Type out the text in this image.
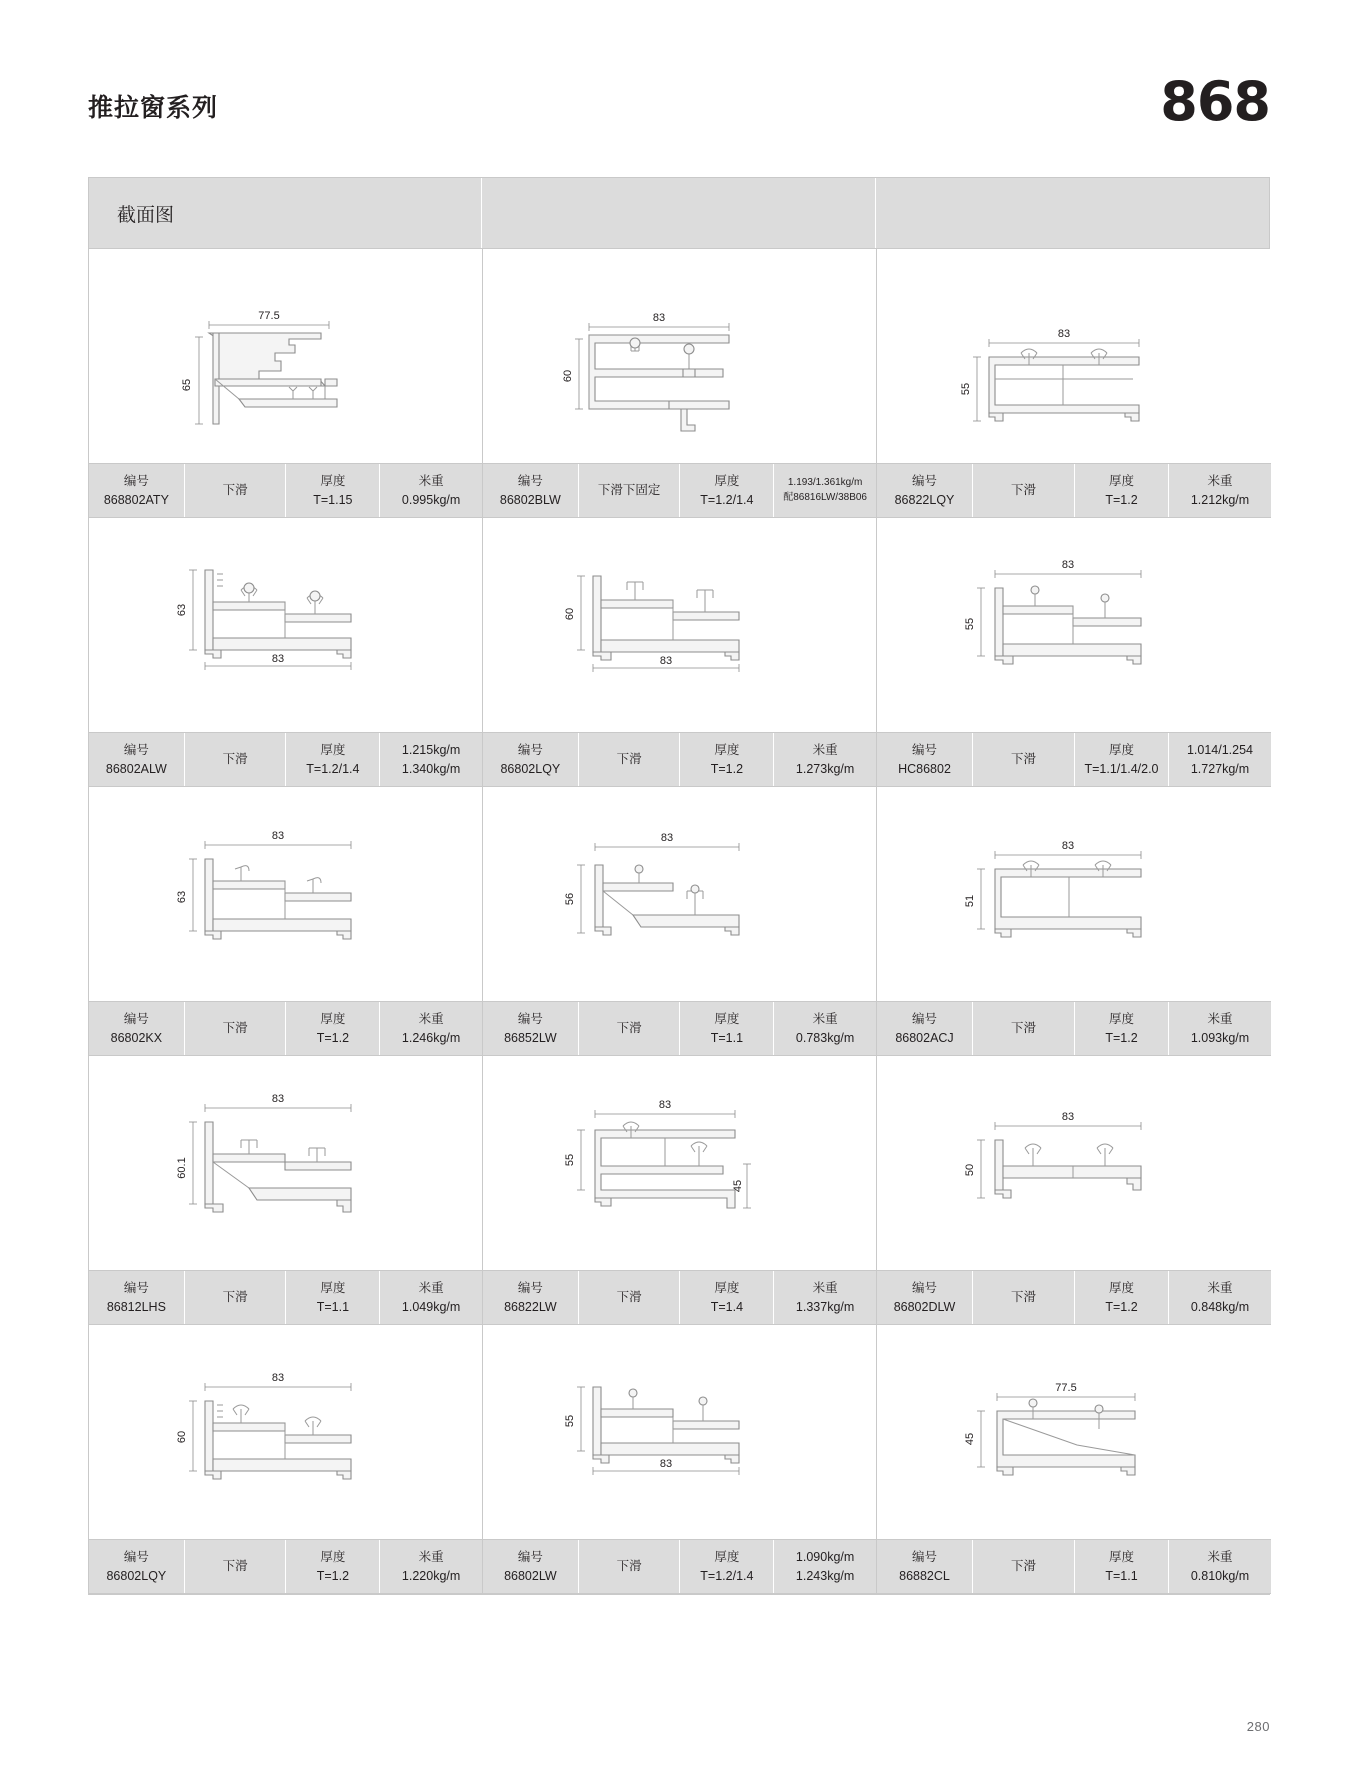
推拉窗系列	868
截面图
65
77.5
60
83
55
83
编号
868802ATY
下滑
厚度
T=1.15
米重
0.995kg/m
编号
86802BLW
下滑下固定
厚度
T=1.2/1.4
1.193/1.361kg/m
配86816LW/38B06
编号
86822LQY
下滑
厚度
T=1.2
米重
1.212kg/m
63
83
60
83
55
83
编号
86802ALW
下滑
厚度
T=1.2/1.4
1.215kg/m
1.340kg/m
编号
86802LQY
下滑
厚度
T=1.2
米重
1.273kg/m
编号
HC86802
下滑
厚度
T=1.1/1.4/2.0
1.014/1.254
1.727kg/m
63
83
56
83
51
83
编号
86802KX
下滑
厚度
T=1.2
米重
1.246kg/m
编号
86852LW
下滑
厚度
T=1.1
米重
0.783kg/m
编号
86802ACJ
下滑
厚度
T=1.2
米重
1.093kg/m
60.1
83
55
83
45
50
83
编号
86812LHS
下滑
厚度
T=1.1
米重
1.049kg/m
编号
86822LW
下滑
厚度
T=1.4
米重
1.337kg/m
编号
86802DLW
下滑
厚度
T=1.2
米重
0.848kg/m
60
83
55
83
45
77.5
编号
86802LQY
下滑
厚度
T=1.2
米重
1.220kg/m
编号
86802LW
下滑
厚度
T=1.2/1.4
1.090kg/m
1.243kg/m
编号
86882CL
下滑
厚度
T=1.1
米重
0.810kg/m
280
